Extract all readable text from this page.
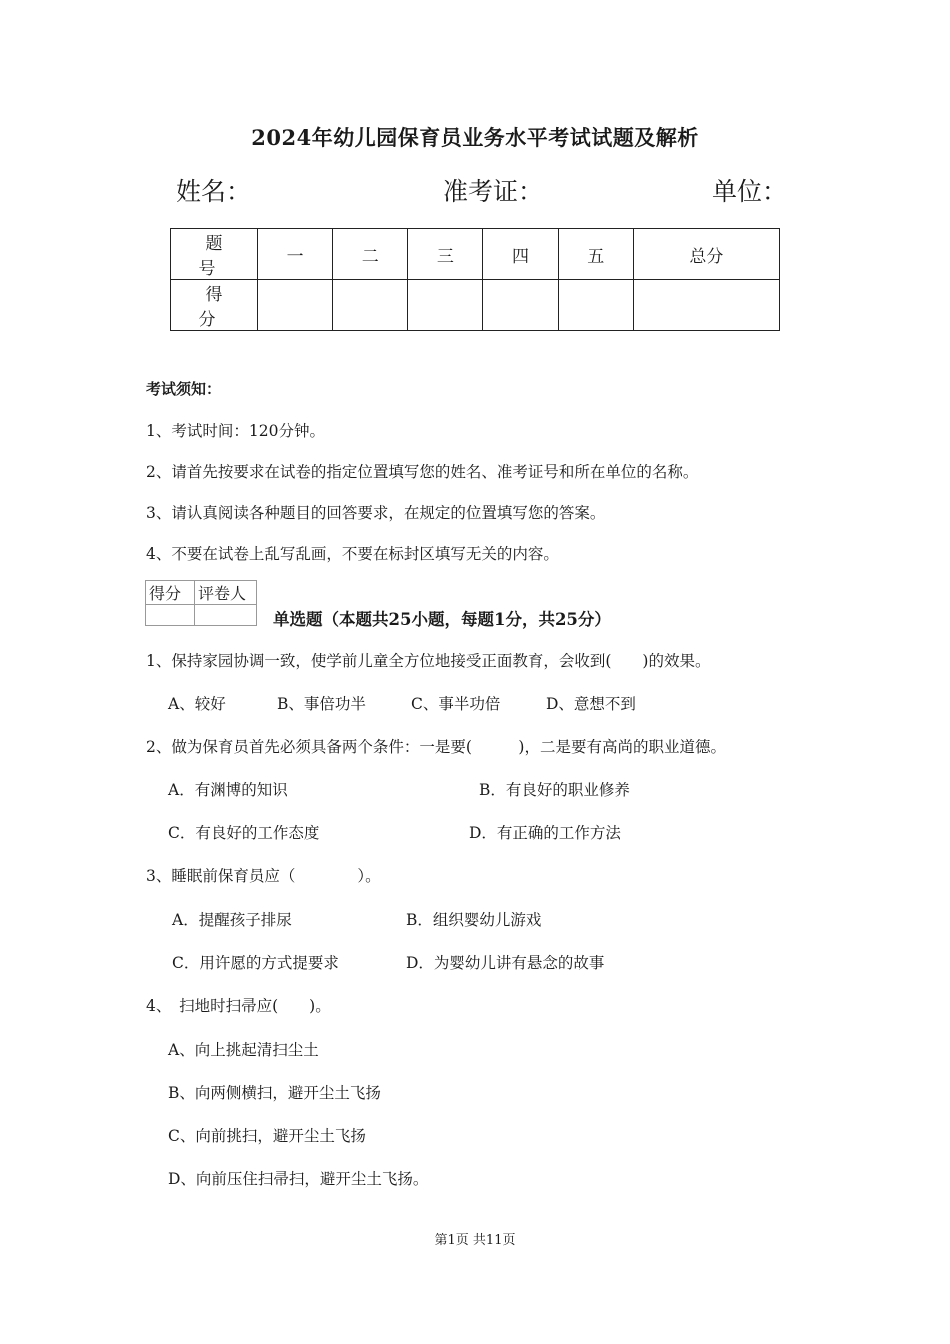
2024年幼儿园保育员业务水平考试试题及解析
姓名：	准考证：	单位：
题　号	一	二	三	四	五	总分
得　分						
考试须知：
1、考试时间：120分钟。
2、请首先按要求在试卷的指定位置填写您的姓名、准考证号和所在单位的名称。
3、请认真阅读各种题目的回答要求，在规定的位置填写您的答案。
4、不要在试卷上乱写乱画，不要在标封区填写无关的内容。
得分	评卷人

单选题（本题共25小题，每题1分，共25分）
1、保持家园协调一致，使学前儿童全方位地接受正面教育，会收到(　　)的效果。
A、较好	B、事倍功半	C、事半功倍	D、意想不到
2、做为保育员首先必须具备两个条件：一是要(　　　)，二是要有高尚的职业道德。
A．有渊博的知识	B．有良好的职业修养
C．有良好的工作态度	D．有正确的工作方法
3、睡眠前保育员应（　　　　）。
A．提醒孩子排尿	B．组织婴幼儿游戏
C．用许愿的方式提要求	D．为婴幼儿讲有悬念的故事
4、　扫地时扫帚应(　　)。
A、向上挑起清扫尘土
B、向两侧横扫，避开尘土飞扬
C、向前挑扫，避开尘土飞扬
D、向前压住扫帚扫，避开尘土飞扬。
第1页 共11页
